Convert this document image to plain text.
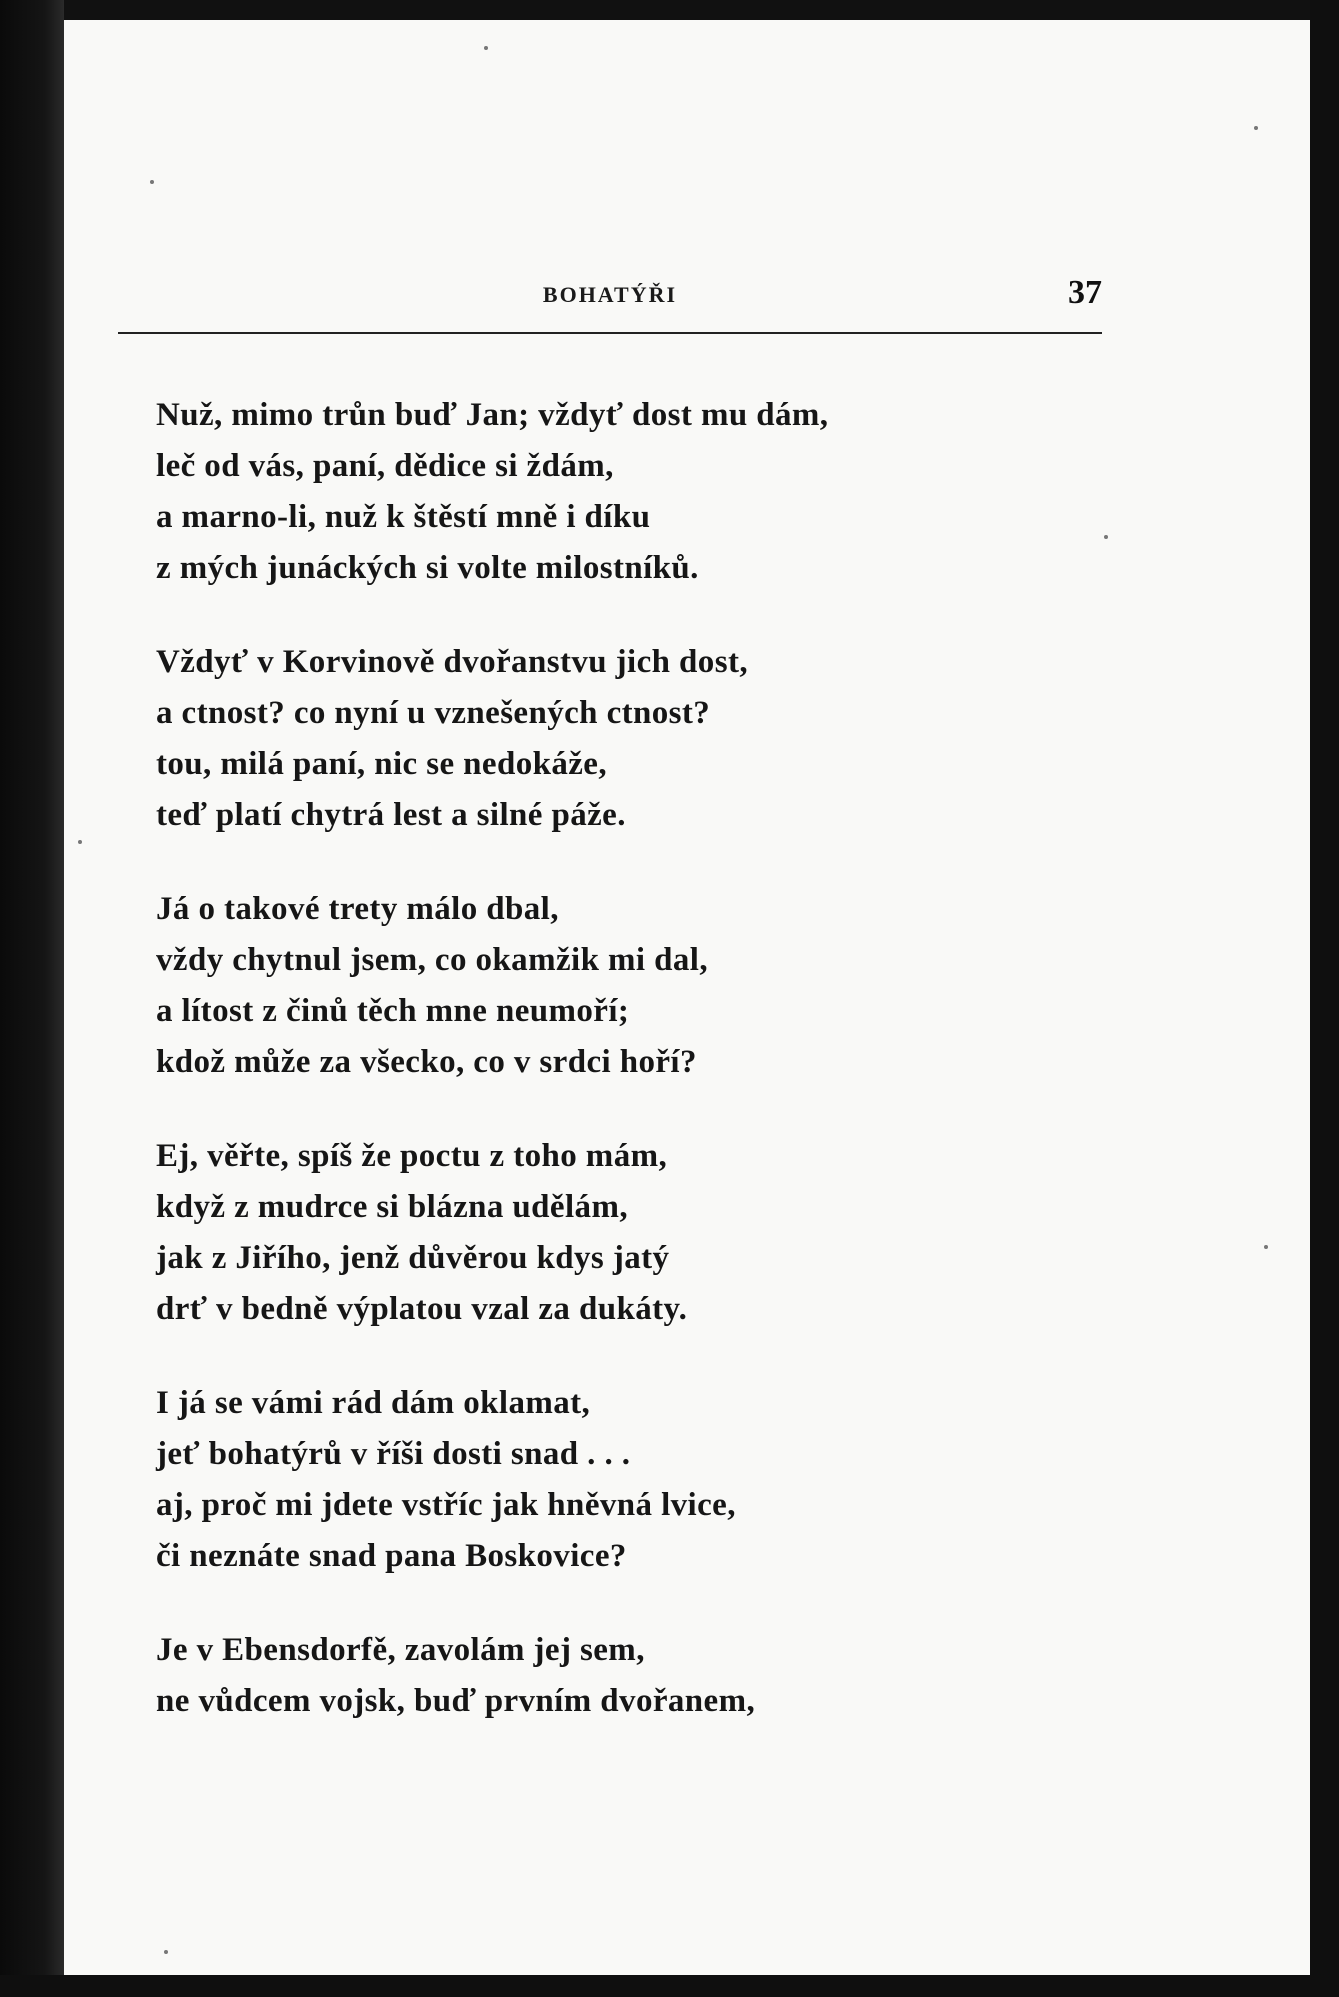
BOHATÝŘI	37
Nuž, mimo trůn buď Jan; vždyť dost mu dám,
leč od vás, paní, dědice si ždám,
a marno-li, nuž k štěstí mně i díku
z mých junáckých si volte milostníků.
Vždyť v Korvinově dvořanstvu jich dost,
a ctnost? co nyní u vznešených ctnost?
tou, milá paní, nic se nedokáže,
teď platí chytrá lest a silné páže.
Já o takové trety málo dbal,
vždy chytnul jsem, co okamžik mi dal,
a lítost z činů těch mne neumoří;
kdož může za všecko, co v srdci hoří?
Ej, věřte, spíš že poctu z toho mám,
když z mudrce si blázna udělám,
jak z Jiřího, jenž důvěrou kdys jatý
drť v bedně výplatou vzal za dukáty.
I já se vámi rád dám oklamat,
jeť bohatýrů v říši dosti snad . . .
aj, proč mi jdete vstříc jak hněvná lvice,
či neznáte snad pana Boskovice?
Je v Ebensdorfě, zavolám jej sem,
ne vůdcem vojsk, buď prvním dvořanem,
